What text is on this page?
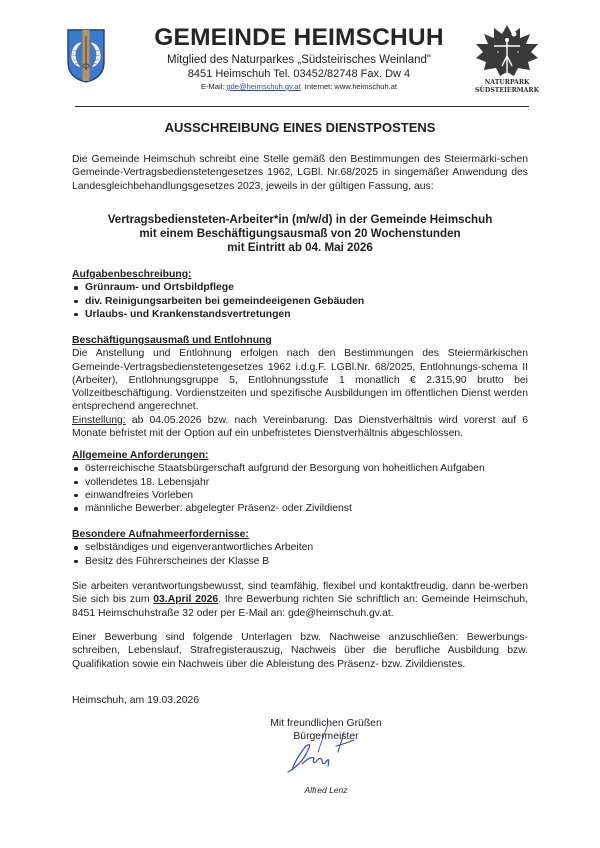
GEMEINDE HEIMSCHUH
Mitglied des Naturparkes „Südsteirisches Weinland"
8451 Heimschuh Tel. 03452/82748 Fax. Dw 4
E-Mail: gde@heimschuh.gv.at  Internet: www.heimschuh.at	NATURPARK
SÜDSTEIERMARK
AUSSCHREIBUNG EINES DIENSTPOSTENS

Die Gemeinde Heimschuh schreibt eine Stelle gemäß den Bestimmungen des Steiermärki-schen Gemeinde-Vertragsbedienstetengesetzes 1962, LGBl. Nr.68/2025 in singemäßer Anwendung des Landesgleichbehandlungsgesetzes 2023, jeweils in der gültigen Fassung, aus:

Vertragsbediensteten-Arbeiter*in (m/w/d) in der Gemeinde Heimschuh
mit einem Beschäftigungsausmaß von 20 Wochenstunden
mit Eintritt ab 04. Mai 2026
Aufgabenbeschreibung:
Grünraum- und Ortsbildpflege
div. Reinigungsarbeiten bei gemeindeeigenen Gebäuden
Urlaubs- und Krankenstandsvertretungen
Beschäftigungsausmaß und Entlohnung

Die Anstellung und Entlohnung erfolgen nach den Bestimmungen des Steiermärkischen Gemeinde-Vertragsbedienstetengesetzes 1962 i.d.g.F. LGBl.Nr. 68/2025, Entlohnungs-schema II (Arbeiter), Entlohnungsgruppe 5, Entlohnungsstufe 1 monatlich € 2.315,90 brutto bei Vollzeitbeschäftigung. Vordienstzeiten und spezifische Ausbildungen im öffentlichen Dienst werden entsprechend angerechnet.

Einstellung: ab 04.05.2026 bzw. nach Vereinbarung. Das Dienstverhältnis wird vorerst auf 6 Monate befristet mit der Option auf ein unbefristetes Dienstverhältnis abgeschlossen.

Allgemeine Anforderungen:
österreichische Staatsbürgerschaft aufgrund der Besorgung von hoheitlichen Aufgaben
vollendetes 18. Lebensjahr
einwandfreies Vorleben
männliche Bewerber: abgelegter Präsenz- oder Zivildienst
Besondere Aufnahmeerfordernisse:
selbständiges und eigenverantwortliches Arbeiten
Besitz des Führerscheines der Klasse B

Sie arbeiten verantwortungsbewusst, sind teamfähig, flexibel und kontaktfreudig, dann be-werben Sie sich bis zum 03.April 2026. Ihre Bewerbung richten Sie schriftlich an: Gemeinde Heimschuh, 8451 Heimschuhstraße 32 oder per E-Mail an: gde@heimschuh.gv.at.

Einer Bewerbung sind folgende Unterlagen bzw. Nachweise anzuschließen: Bewerbungs-schreiben, Lebenslauf, Strafregisterauszug, Nachweis über die berufliche Ausbildung bzw. Qualifikation sowie ein Nachweis über die Ableistung des Präsenz- bzw. Zivildienstes.

Heimschuh, am 19.03.2026

Mit freundlichen Grüßen
Bürgermeister
Alfred Lenz
